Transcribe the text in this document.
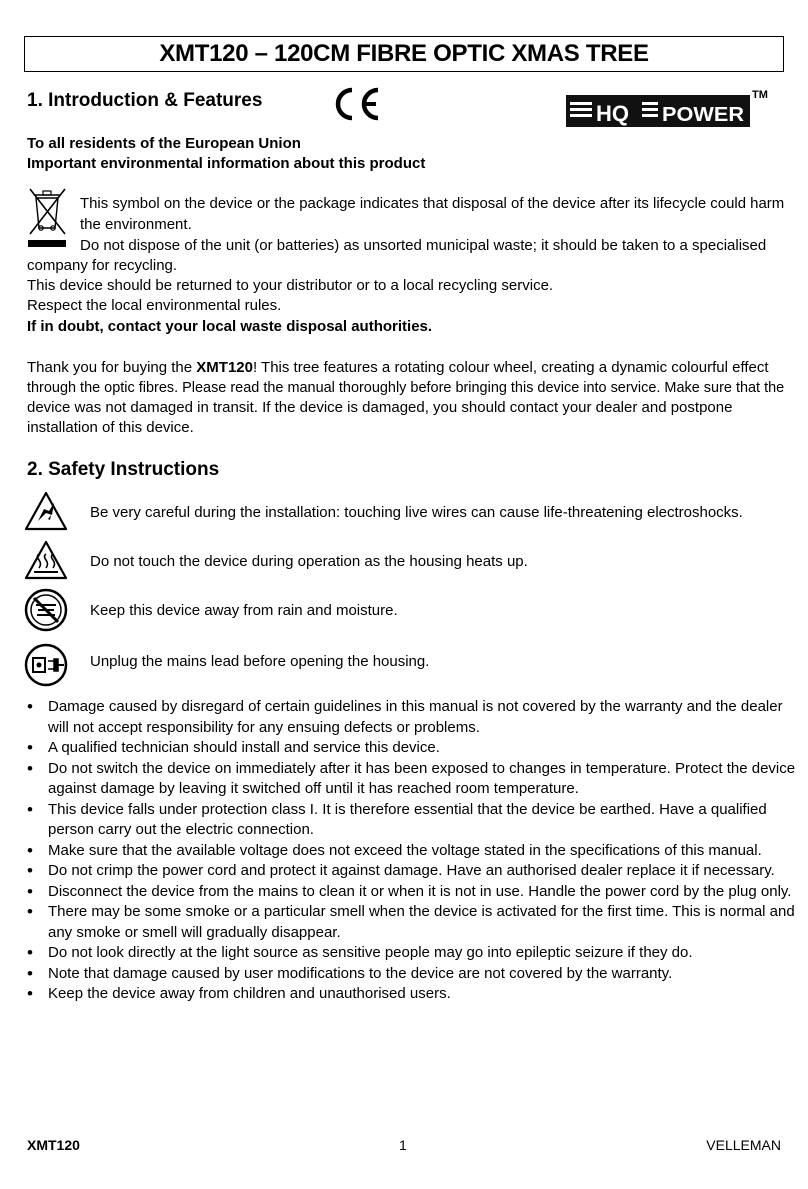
XMT120 – 120CM FIBRE OPTIC XMAS TREE
1. Introduction & Features
CE
HQ POWER
TM
To all residents of the European Union
Important environmental information about this product
This symbol on the device or the package indicates that disposal of the device after its lifecycle could harm
the environment.
Do not dispose of the unit (or batteries) as unsorted municipal waste; it should be taken to a specialised
company for recycling.
This device should be returned to your distributor or to a local recycling service.
Respect the local environmental rules.
If in doubt, contact your local waste disposal authorities.
Thank you for buying the XMT120! This tree features a rotating colour wheel, creating a dynamic colourful effect
through the optic fibres. Please read the manual thoroughly before bringing this device into service. Make sure that the
device was not damaged in transit. If the device is damaged, you should contact your dealer and postpone
installation of this device.
2. Safety Instructions
Be very careful during the installation: touching live wires can cause life-threatening electroshocks.
Do not touch the device during operation as the housing heats up.
Keep this device away from rain and moisture.
Unplug the mains lead before opening the housing.
• Damage caused by disregard of certain guidelines in this manual is not covered by the warranty and the dealer
will not accept responsibility for any ensuing defects or problems.
• A qualified technician should install and service this device.
• Do not switch the device on immediately after it has been exposed to changes in temperature. Protect the device
against damage by leaving it switched off until it has reached room temperature.
• This device falls under protection class I. It is therefore essential that the device be earthed. Have a qualified
person carry out the electric connection.
• Make sure that the available voltage does not exceed the voltage stated in the specifications of this manual.
• Do not crimp the power cord and protect it against damage. Have an authorised dealer replace it if necessary.
• Disconnect the device from the mains to clean it or when it is not in use. Handle the power cord by the plug only.
• There may be some smoke or a particular smell when the device is activated for the first time. This is normal and
any smoke or smell will gradually disappear.
• Do not look directly at the light source as sensitive people may go into epileptic seizure if they do.
• Note that damage caused by user modifications to the device are not covered by the warranty.
• Keep the device away from children and unauthorised users.
XMT120	1	VELLEMAN
